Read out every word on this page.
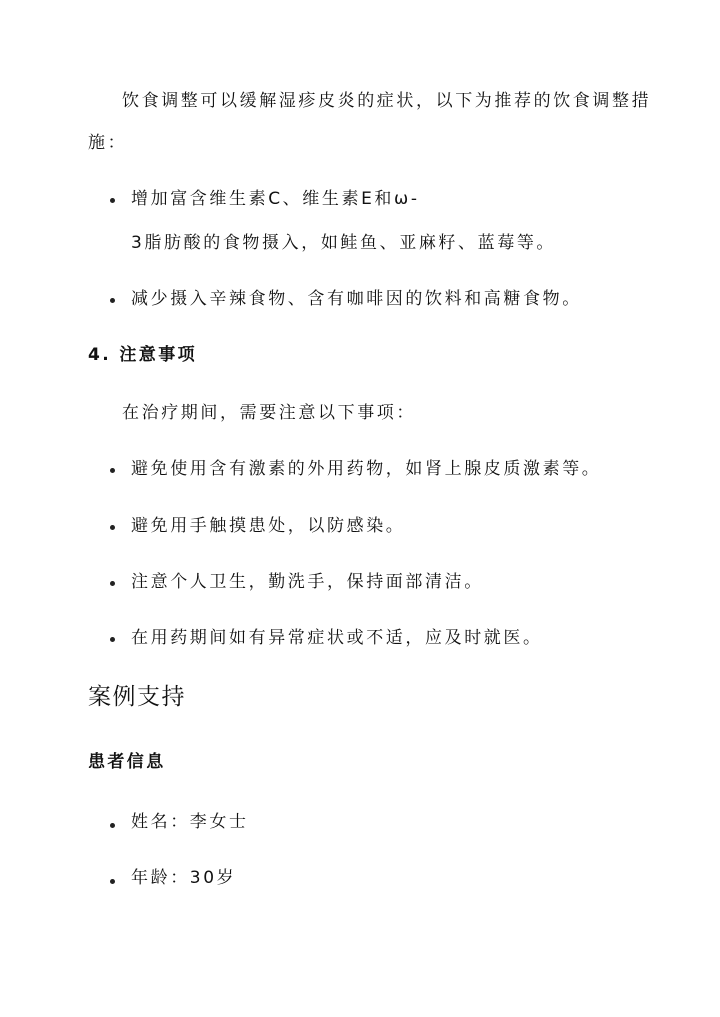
饮食调整可以缓解湿疹皮炎的症状，以下为推荐的饮食调整措
施：
增加富含维生素C、维生素E和ω-
3脂肪酸的食物摄入，如鲑鱼、亚麻籽、蓝莓等。
减少摄入辛辣食物、含有咖啡因的饮料和高糖食物。
4. 注意事项
在治疗期间，需要注意以下事项：
避免使用含有激素的外用药物，如肾上腺皮质激素等。
避免用手触摸患处，以防感染。
注意个人卫生，勤洗手，保持面部清洁。
在用药期间如有异常症状或不适，应及时就医。
案例支持
患者信息
姓名：李女士
年龄：30岁
